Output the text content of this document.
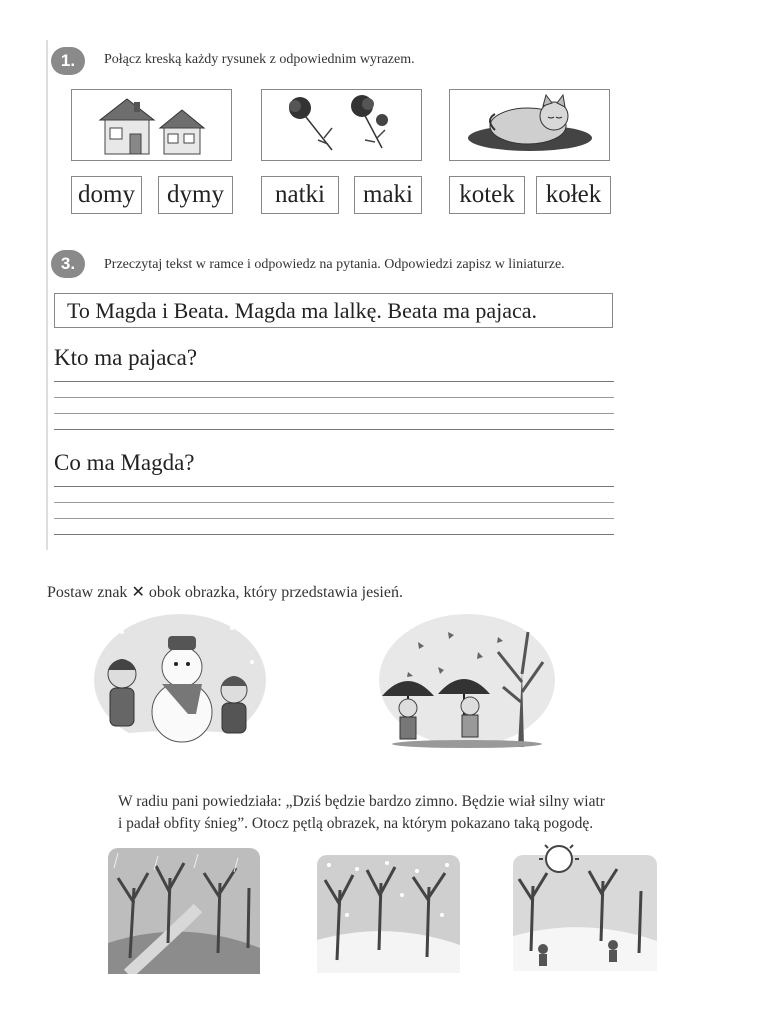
1.	Połącz kreską każdy rysunek z odpowiednim wyrazem.
domy	dymy	natki	maki	kotek	kołek
3.	Przeczytaj tekst w ramce i odpowiedz na pytania. Odpowiedzi zapisz w liniaturze.
To Magda i Beata. Magda ma lalkę. Beata ma pajaca.
Kto ma pajaca?
Co ma Magda?
Postaw znak ✕ obok obrazka, który przedstawia jesień.
W radiu pani powiedziała: „Dziś będzie bardzo zimno. Będzie wiał silny wiatr
i padał obfity śnieg”. Otocz pętlą obrazek, na którym pokazano taką pogodę.
